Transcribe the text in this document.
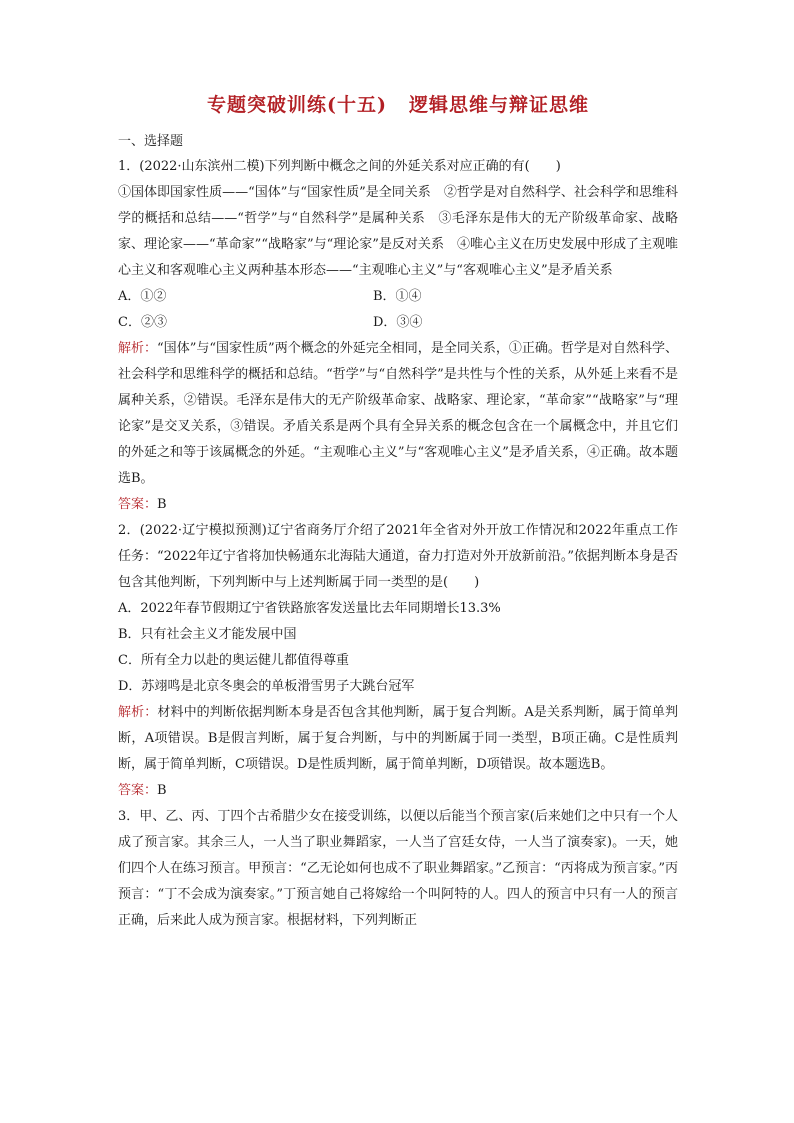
专题突破训练(十五) 逻辑思维与辩证思维
一、选择题

1．(2022·山东滨州二模)下列判断中概念之间的外延关系对应正确的有(　　)

①国体即国家性质——“国体”与“国家性质”是全同关系　②哲学是对自然科学、社会科学和思维科学的概括和总结——“哲学”与“自然科学”是属种关系　③毛泽东是伟大的无产阶级革命家、战略家、理论家——“革命家”“战略家”与“理论家”是反对关系　④唯心主义在历史发展中形成了主观唯心主义和客观唯心主义两种基本形态——“主观唯心主义”与“客观唯心主义”是矛盾关系

A．①②	B．①④
C．②③	D．③④

解析：“国体”与“国家性质”两个概念的外延完全相同，是全同关系，①正确。哲学是对自然科学、社会科学和思维科学的概括和总结。“哲学”与“自然科学”是共性与个性的关系，从外延上来看不是属种关系，②错误。毛泽东是伟大的无产阶级革命家、战略家、理论家，“革命家”“战略家”与“理论家”是交叉关系，③错误。矛盾关系是两个具有全异关系的概念包含在一个属概念中，并且它们的外延之和等于该属概念的外延。“主观唯心主义”与“客观唯心主义”是矛盾关系，④正确。故本题选B。

答案：B

2．(2022·辽宁模拟预测)辽宁省商务厅介绍了2021年全省对外开放工作情况和2022年重点工作任务：“2022年辽宁省将加快畅通东北海陆大通道，奋力打造对外开放新前沿。”依据判断本身是否包含其他判断，下列判断中与上述判断属于同一类型的是(　　)

A．2022年春节假期辽宁省铁路旅客发送量比去年同期增长13.3%

B．只有社会主义才能发展中国

C．所有全力以赴的奥运健儿都值得尊重

D．苏翊鸣是北京冬奥会的单板滑雪男子大跳台冠军

解析：材料中的判断依据判断本身是否包含其他判断，属于复合判断。A是关系判断，属于简单判断，A项错误。B是假言判断，属于复合判断，与中的判断属于同一类型，B项正确。C是性质判断，属于简单判断，C项错误。D是性质判断，属于简单判断，D项错误。故本题选B。

答案：B

3．甲、乙、丙、丁四个古希腊少女在接受训练，以便以后能当个预言家(后来她们之中只有一个人成了预言家。其余三人，一人当了职业舞蹈家，一人当了宫廷女侍，一人当了演奏家)。一天，她们四个人在练习预言。甲预言：“乙无论如何也成不了职业舞蹈家。”乙预言：“丙将成为预言家。”丙预言：“丁不会成为演奏家。”丁预言她自己将嫁给一个叫阿特的人。四人的预言中只有一人的预言正确，后来此人成为预言家。根据材料，下列判断正
